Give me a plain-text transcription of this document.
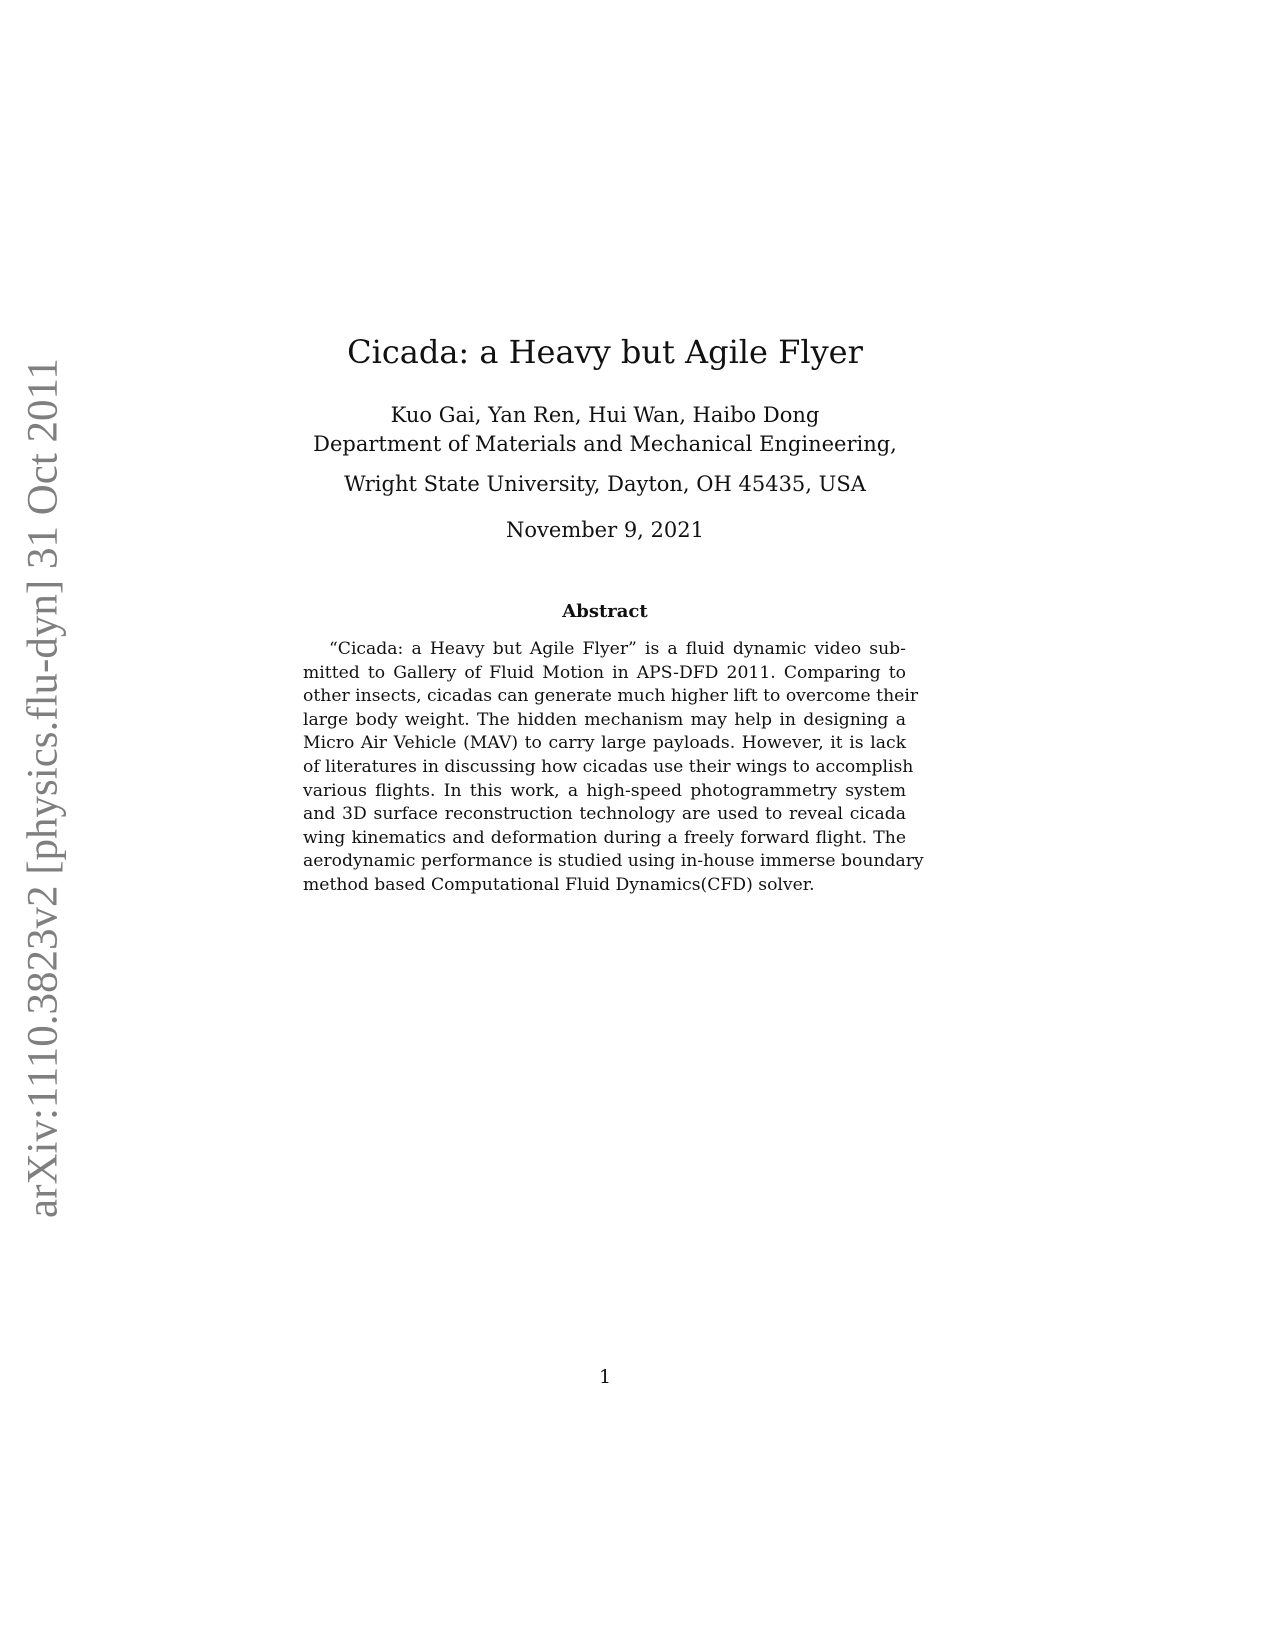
arXiv:1110.3823v2 [physics.flu-dyn] 31 Oct 2011
Cicada: a Heavy but Agile Flyer
Kuo Gai, Yan Ren, Hui Wan, Haibo Dong
Department of Materials and Mechanical Engineering,
Wright State University, Dayton, OH 45435, USA
November 9, 2021
Abstract
“Cicada: a Heavy but Agile Flyer” is a fluid dynamic video sub-
mitted to Gallery of Fluid Motion in APS-DFD 2011. Comparing to
other insects, cicadas can generate much higher lift to overcome their
large body weight. The hidden mechanism may help in designing a
Micro Air Vehicle (MAV) to carry large payloads. However, it is lack
of literatures in discussing how cicadas use their wings to accomplish
various flights. In this work, a high-speed photogrammetry system
and 3D surface reconstruction technology are used to reveal cicada
wing kinematics and deformation during a freely forward flight. The
aerodynamic performance is studied using in-house immerse boundary
method based Computational Fluid Dynamics(CFD) solver.
1
